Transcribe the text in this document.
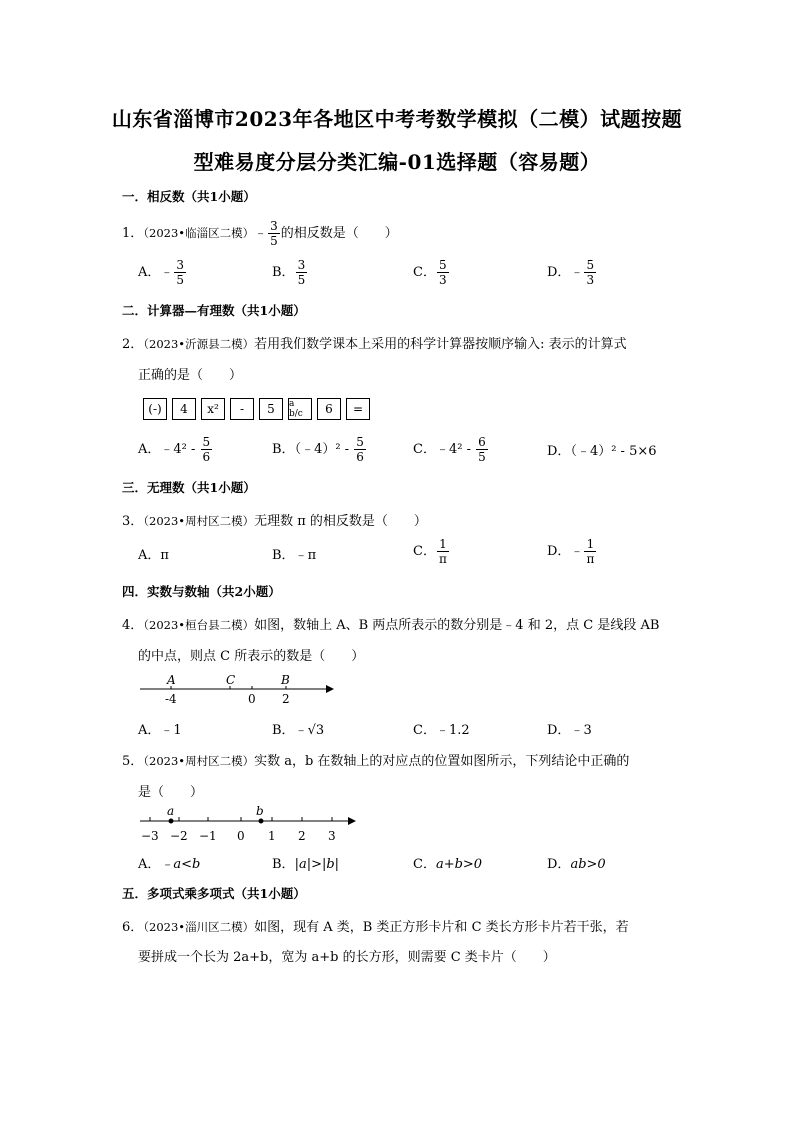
山东省淄博市2023年各地区中考考数学模拟（二模）试题按题
型难易度分层分类汇编-01选择题（容易题）
一．相反数（共1小题）
1．（2023•临淄区二模）﹣ $\frac{3}{5}$ 的相反数是（　　）
A．﹣ $\frac{3}{5}$	B． $\frac{3}{5}$	C． $\frac{5}{3}$	D．﹣ $\frac{5}{3}$
二．计算器—有理数（共1小题）
2．（2023•沂源县二模）若用我们数学课本上采用的科学计算器按顺序输入: 表示的计算式
正确的是（　　）
(-)	4	x²	-	5	a b/c	6	=
A．﹣4² - $\frac{5}{6}$	B．（﹣4）² - $\frac{5}{6}$	C．﹣4² - $\frac{6}{5}$	D．（﹣4）² - 5×6
三．无理数（共1小题）
3．（2023•周村区二模）无理数 π 的相反数是（　　）
A．π	B．﹣π	C． $\frac{1}{\pi}$	D．﹣ $\frac{1}{\pi}$
四．实数与数轴（共2小题）
4．（2023•桓台县二模）如图，数轴上 A、B 两点所表示的数分别是﹣4 和 2，点 C 是线段 AB
的中点，则点 C 所表示的数是（　　）
A	C	B
-4	0 2
A．﹣1	B．﹣√3	C．﹣1.2	D．﹣3
5．（2023•周村区二模）实数 a，b 在数轴上的对应点的位置如图所示，下列结论中正确的
是（　　）
a	b
−3 −2 −1 0 1 2 3
A．﹣a<b	B．|a|>|b|	C．a+b>0	D．ab>0
五．多项式乘多项式（共1小题）
6．（2023•淄川区二模）如图，现有 A 类，B 类正方形卡片和 C 类长方形卡片若干张，若
要拼成一个长为 2a+b，宽为 a+b 的长方形，则需要 C 类卡片（　　）
